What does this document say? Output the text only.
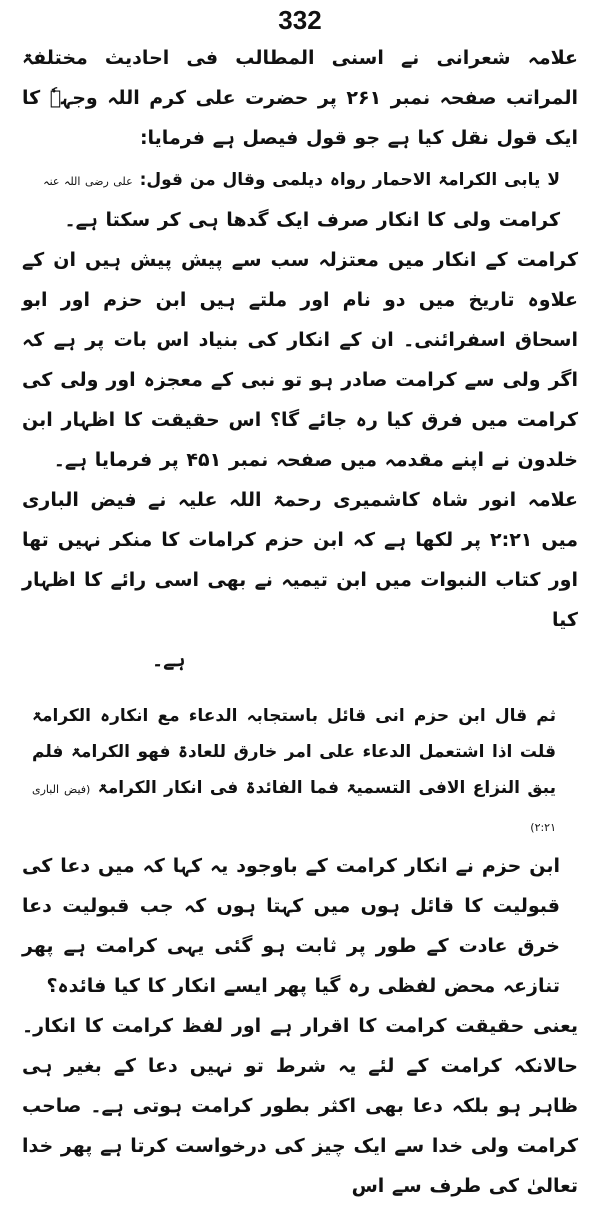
332

علامہ شعرانی نے اسنی المطالب فی احادیث مختلفۃ المراتب صفحہ نمبر ۲۶۱ پر حضرت علی کرم اللہ وجہہٗ کا ایک قول نقل کیا ہے جو قول فیصل ہے فرمایا:

لا یابی الکرامۃ الاحمار رواہ دیلمی وقال من قول: علی رضی اللہ عنہ

کرامت ولی کا انکار صرف ایک گدھا ہی کر سکتا ہے۔

کرامت کے انکار میں معتزلہ سب سے پیش پیش ہیں ان کے علاوہ تاریخ میں دو نام اور ملتے ہیں ابن حزم اور ابو اسحاق اسفرائنی۔ ان کے انکار کی بنیاد اس بات پر ہے کہ اگر ولی سے کرامت صادر ہو تو نبی کے معجزہ اور ولی کی کرامت میں فرق کیا رہ جائے گا؟ اس حقیقت کا اظہار ابن خلدون نے اپنے مقدمہ میں صفحہ نمبر ۴۵۱ پر فرمایا ہے۔

علامہ انور شاہ کاشمیری رحمۃ اللہ علیہ نے فیض الباری میں ۲:۲۱ پر لکھا ہے کہ ابن حزم کرامات کا منکر نہیں تھا اور کتاب النبوات میں ابن تیمیہ نے بھی اسی رائے کا اظہار کیا

ہے۔

ثم قال ابن حزم انی قائل باستجابہ الدعاء مع انکارہ الکرامۃ قلت اذا اشتعمل الدعاء علی امر خارق للعادۃ فھو الکرامۃ فلم یبق النزاع الافی التسمیۃ فما الفائدۃ فی انکار الکرامۃ (فیض الباری ۲:۲۱)

ابن حزم نے انکار کرامت کے باوجود یہ کہا کہ میں دعا کی قبولیت کا قائل ہوں میں کہتا ہوں کہ جب قبولیت دعا خرق عادت کے طور پر ثابت ہو گئی یہی کرامت ہے پھر تنازعہ محض لفظی رہ گیا پھر ایسے انکار کا کیا فائدہ؟

یعنی حقیقت کرامت کا اقرار ہے اور لفظ کرامت کا انکار۔ حالانکہ کرامت کے لئے یہ شرط تو نہیں دعا کے بغیر ہی ظاہر ہو بلکہ دعا بھی اکثر بطور کرامت ہوتی ہے۔ صاحب کرامت ولی خدا سے ایک چیز کی درخواست کرتا ہے پھر خدا تعالیٰ کی طرف سے اس
